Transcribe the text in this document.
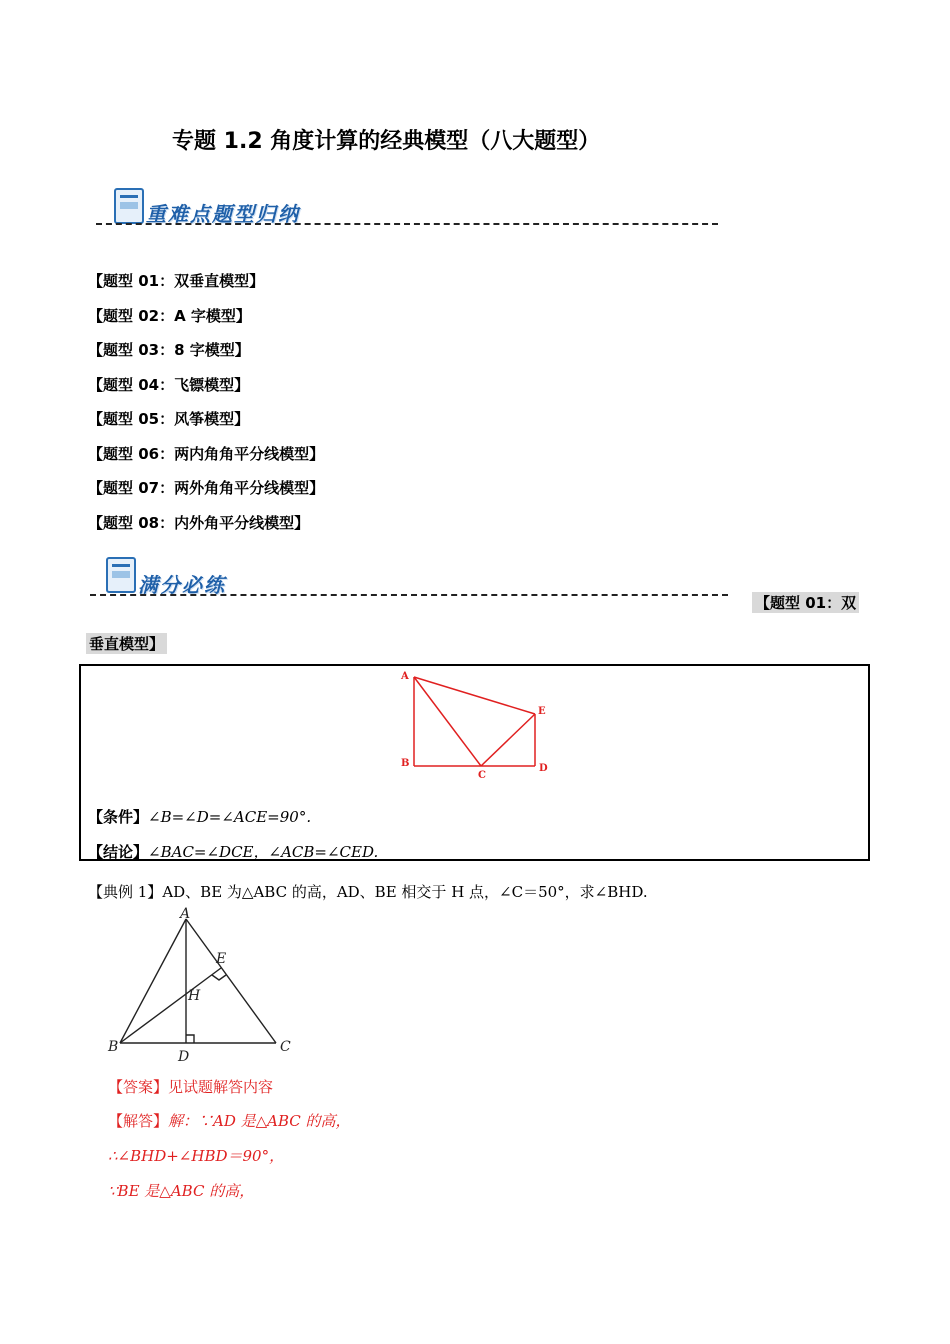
专题 1.2 角度计算的经典模型（八大题型）
重难点题型归纳
【题型 01：双垂直模型】
【题型 02：A 字模型】
【题型 03：8 字模型】
【题型 04：飞镖模型】
【题型 05：风筝模型】
【题型 06：两内角角平分线模型】
【题型 07：两外角角平分线模型】
【题型 08：内外角平分线模型】
满分必练
【题型 01：双
垂直模型】
A
B
C
D
E
【条件】∠B=∠D=∠ACE=90°.
【结论】∠BAC=∠DCE，∠ACB=∠CED.
【典例 1】AD、BE 为△ABC 的高，AD、BE 相交于 H 点，∠C＝50°，求∠BHD.
A
B	C
D
E
H
【答案】见试题解答内容
【解答】解：∵AD 是△ABC 的高，
∴∠BHD+∠HBD＝90°，
∵BE 是△ABC 的高，
